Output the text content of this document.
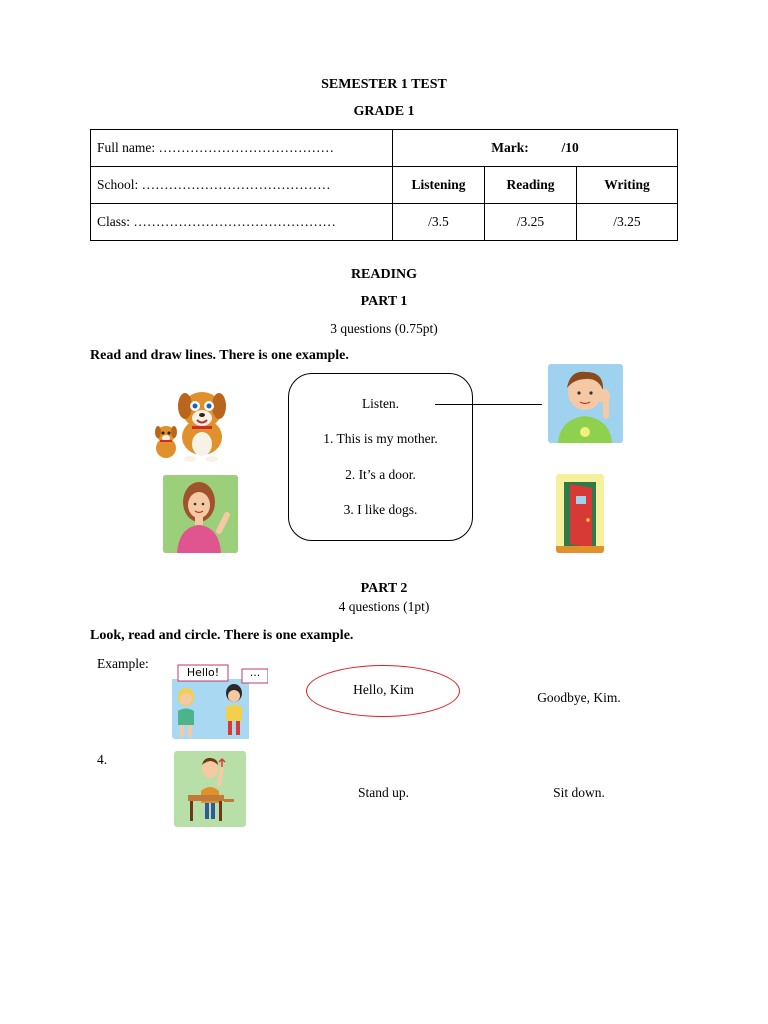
SEMESTER 1 TEST
GRADE 1
Full name: …………………………………	Mark: /10		
School: ……………………………………	Listening	Reading	Writing
Class: ………………………………………	/3.5	/3.25	/3.25
READING
PART 1
3 questions (0.75pt)
Read and draw lines. There is one example.
Listen.
1. This is my mother.
2. It’s a door.
3. I like dogs.
PART 2
4 questions (1pt)
Look, read and circle. There is one example.
Example:
Hello!	...
Hello, Kim
Goodbye, Kim.
4.
Stand up.	Sit down.
